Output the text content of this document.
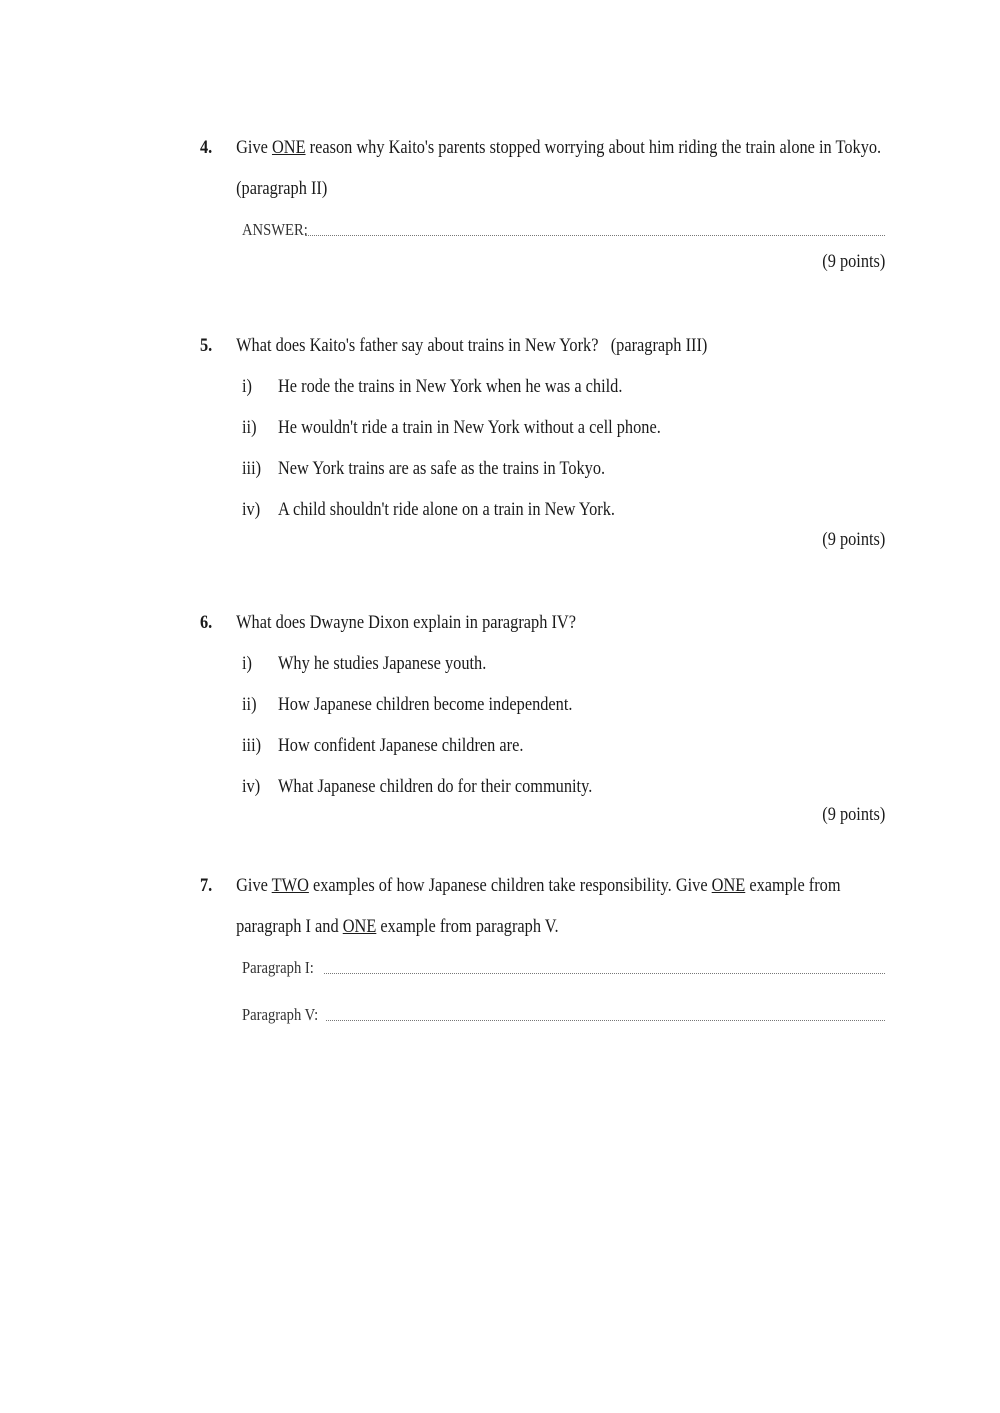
4. Give ONE reason why Kaito's parents stopped worrying about him riding the train alone in Tokyo.
(paragraph II)
ANSWER:
(9 points)
5. What does Kaito's father say about trains in New York?   (paragraph III)
i) He rode the trains in New York when he was a child.
ii) He wouldn't ride a train in New York without a cell phone.
iii) New York trains are as safe as the trains in Tokyo.
iv) A child shouldn't ride alone on a train in New York.
(9 points)
6. What does Dwayne Dixon explain in paragraph IV?
i) Why he studies Japanese youth.
ii) How Japanese children become independent.
iii) How confident Japanese children are.
iv) What Japanese children do for their community.
(9 points)
7. Give TWO examples of how Japanese children take responsibility. Give ONE example from
paragraph I and ONE example from paragraph V.
Paragraph I:
Paragraph V:
